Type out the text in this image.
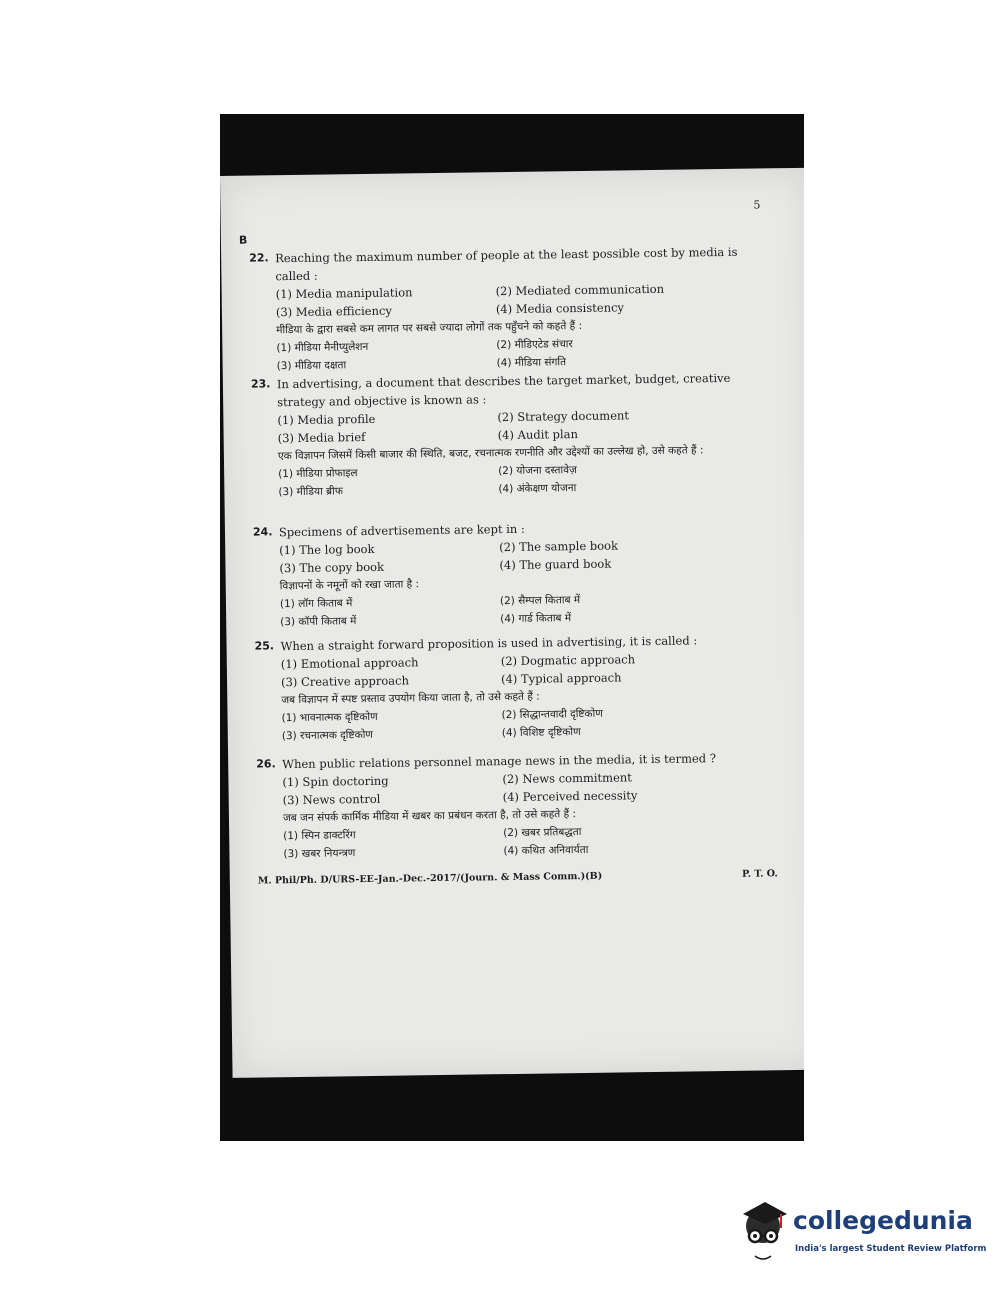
5
B
22. Reaching the maximum number of people at the least possible cost by media is called :
(1) Media manipulation	(2) Mediated communication
(3) Media efficiency	(4) Media consistency
मीडिया के द्वारा सबसे कम लागत पर सबसे ज्यादा लोगों तक पहुँचने को कहते हैं :
(1) मीडिया मैनीप्युलेशन	(2) मीडिएटेड संचार
(3) मीडिया दक्षता	(4) मीडिया संगति
23. In advertising, a document that describes the target market, budget, creative strategy and objective is known as :
(1) Media profile	(2) Strategy document
(3) Media brief	(4) Audit plan
एक विज्ञापन जिसमें किसी बाजार की स्थिति, बजट, रचनात्मक रणनीति और उद्देश्यों का उल्लेख हो, उसे कहते हैं :
(1) मीडिया प्रोफाइल	(2) योजना दस्तावेज़
(3) मीडिया ब्रीफ	(4) अंकेक्षण योजना
24. Specimens of advertisements are kept in :
(1) The log book	(2) The sample book
(3) The copy book	(4) The guard book
विज्ञापनों के नमूनों को रखा जाता है :
(1) लॉग किताब में	(2) सैम्पल किताब में
(3) कॉपी किताब में	(4) गार्ड किताब में
25. When a straight forward proposition is used in advertising, it is called :
(1) Emotional approach	(2) Dogmatic approach
(3) Creative approach	(4) Typical approach
जब विज्ञापन में स्पष्ट प्रस्ताव उपयोग किया जाता है, तो उसे कहते हैं :
(1) भावनात्मक दृष्टिकोण	(2) सिद्धान्तवादी दृष्टिकोण
(3) रचनात्मक दृष्टिकोण	(4) विशिष्ट दृष्टिकोण
26. When public relations personnel manage news in the media, it is termed ?
(1) Spin doctoring	(2) News commitment
(3) News control	(4) Perceived necessity
जब जन संपर्क कार्मिक मीडिया में खबर का प्रबंधन करता है, तो उसे कहते हैं :
(1) स्पिन डाक्टरिंग	(2) खबर प्रतिबद्धता
(3) खबर नियन्त्रण	(4) कथित अनिवार्यता
M. Phil/Ph. D/URS-EE-Jan.-Dec.-2017/(Journ. & Mass Comm.)(B)	P. T. O.
collegedunia
India's largest Student Review Platform
